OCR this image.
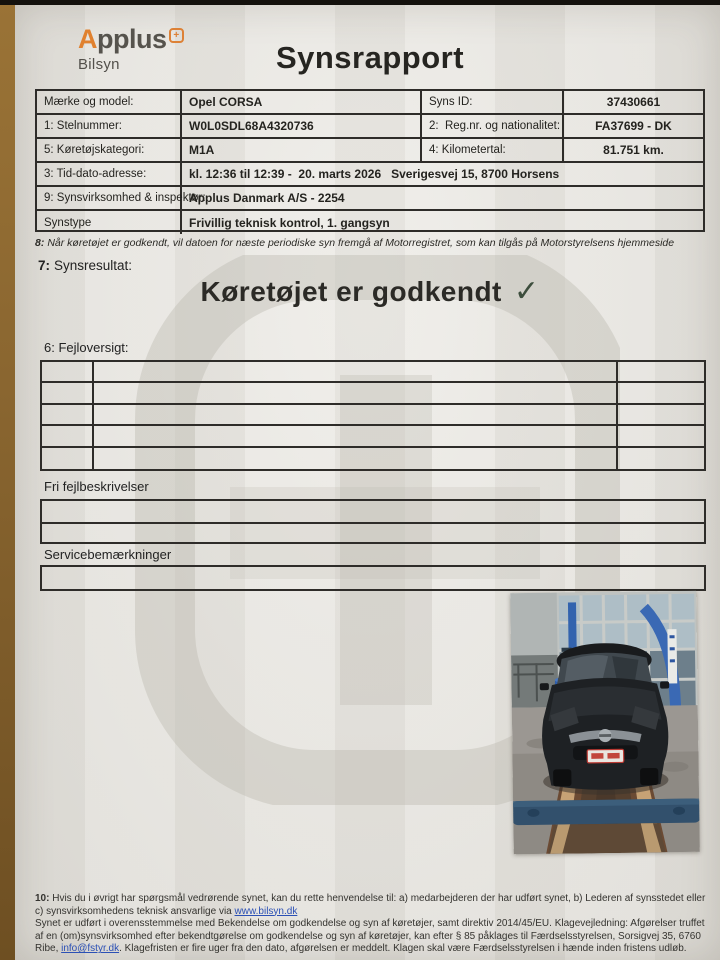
Applus +
Bilsyn	Synsrapport
Mærke og model:	Opel CORSA	Syns ID:	37430661
1: Stelnummer:	W0L0SDL68A4320736	2:  Reg.nr. og nationalitet:	FA37699 - DK
5: Køretøjskategori:	M1A	4: Kilometertal:	81.751 km.
3: Tid-dato-adresse:	kl. 12:36 til 12:39 -  20. marts 2026   Sverigesvej 15, 8700 Horsens
9: Synsvirksomhed & inspektør:
Applus Danmark A/S - 2254
Synstype	Frivillig teknisk kontrol, 1. gangsyn
8: Når køretøjet er godkendt, vil datoen for næste periodiske syn fremgå af Motorregistret, som kan tilgås på Motorstyrelsens hjemmeside
7: Synsresultat:
Køretøjet er godkendt ✓
6: Fejloversigt:
Fri fejlbeskrivelser
Servicebemærkninger

10: Hvis du i øvrigt har spørgsmål vedrørende synet, kan du rette henvendelse til: a) medarbejderen der har udført synet, b) Lederen af synsstedet eller c) synsvirksomhedens teknisk ansvarlige via www.bilsyn.dk

Synet er udført i overensstemmelse med Bekendelse om godkendelse og syn af køretøjer, samt direktiv 2014/45/EU. Klagevejledning: Afgørelser truffet af en (om)synsvirksomhed efter bekendtgørelse om godkendelse og syn af køretøjer, kan efter § 85 påklages til Færdselsstyrelsen, Sorsigvej 35, 6760 Ribe, info@fstyr.dk. Klagefristen er fire uger fra den dato, afgørelsen er meddelt. Klagen skal være Færdselsstyrelsen i hænde inden fristens udløb.
